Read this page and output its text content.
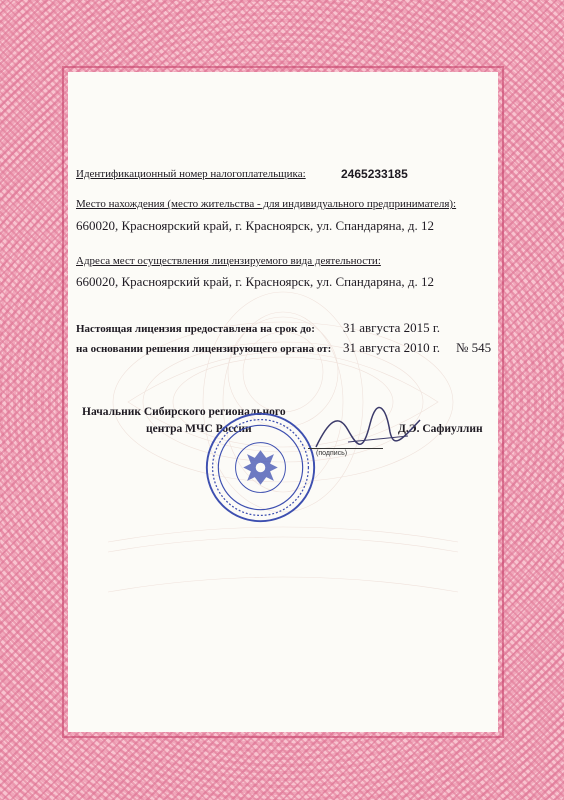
Идентификационный номер налогоплательщика:	2465233185
Место нахождения (место жительства - для индивидуального предпринимателя):
660020, Красноярский край, г. Красноярск, ул. Спандаряна, д. 12
Адреса мест осуществления лицензируемого вида деятельности:
660020, Красноярский край, г. Красноярск, ул. Спандаряна, д. 12
Настоящая лицензия предоставлена на срок до: 31 августа 2015 г.
на основании решения лицензирующего органа от: 31 августа 2010 г. № 545
Начальник Сибирского регионального
центра МЧС России	Д.Э. Сафиуллин
(подпись)
